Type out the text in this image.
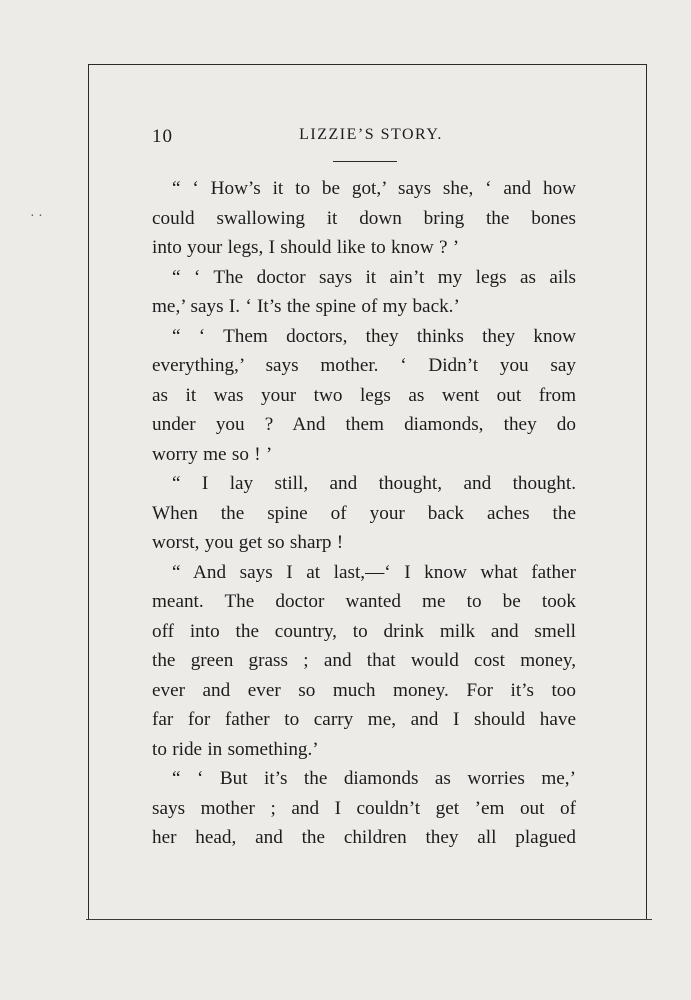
· ·
10	LIZZIE’S STORY.
“ ‘ How’s it to be got,’ says she, ‘ and how
could swallowing it down bring the bones
into your legs, I should like to know ? ’
“ ‘ The doctor says it ain’t my legs as ails
me,’ says I. ‘ It’s the spine of my back.’
“ ‘ Them doctors, they thinks they know
everything,’ says mother. ‘ Didn’t you say
as it was your two legs as went out from
under you ? And them diamonds, they do
worry me so ! ’
“ I lay still, and thought, and thought.
When the spine of your back aches the
worst, you get so sharp !
“ And says I at last,—‘ I know what father
meant. The doctor wanted me to be took
off into the country, to drink milk and smell
the green grass ; and that would cost money,
ever and ever so much money. For it’s too
far for father to carry me, and I should have
to ride in something.’
“ ‘ But it’s the diamonds as worries me,’
says mother ; and I couldn’t get ’em out of
her head, and the children they all plagued
